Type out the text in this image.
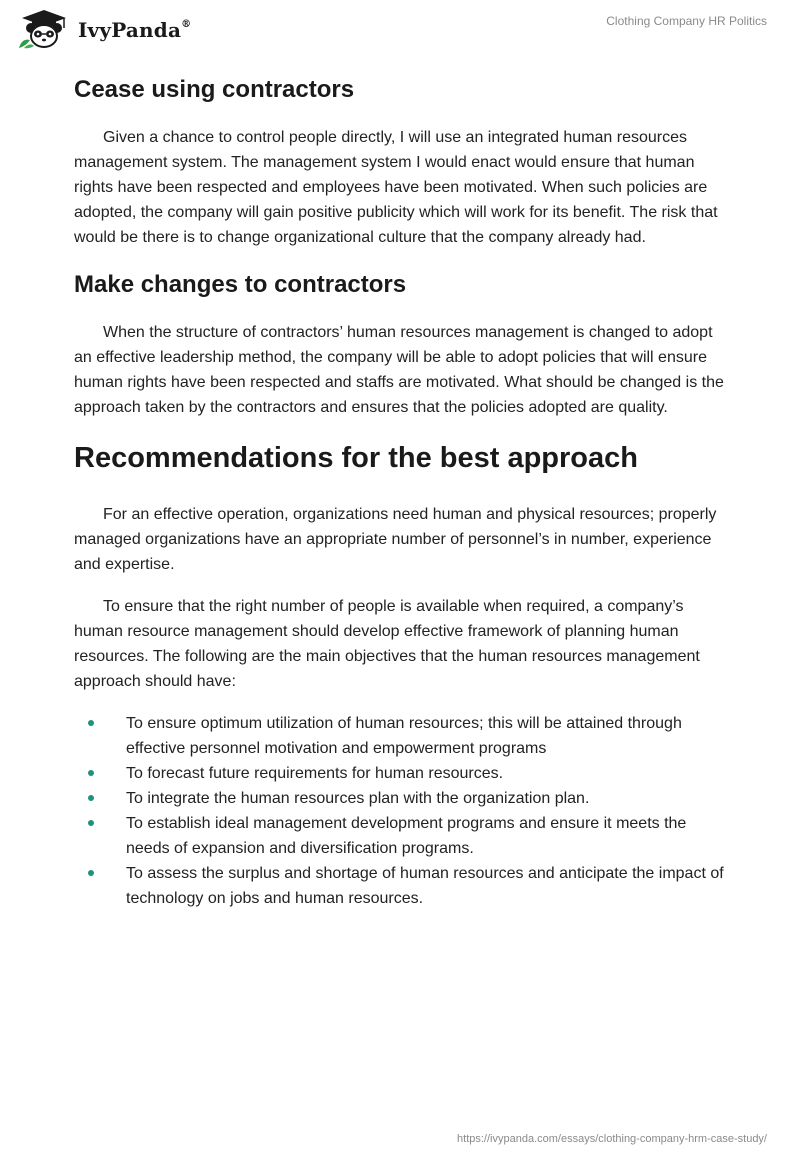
IvyPanda®	Clothing Company HR Politics
Cease using contractors

Given a chance to control people directly, I will use an integrated human resources management system. The management system I would enact would ensure that human rights have been respected and employees have been motivated. When such policies are adopted, the company will gain positive publicity which will work for its benefit. The risk that would be there is to change organizational culture that the company already had.

Make changes to contractors

When the structure of contractors’ human resources management is changed to adopt an effective leadership method, the company will be able to adopt policies that will ensure human rights have been respected and staffs are motivated. What should be changed is the approach taken by the contractors and ensures that the policies adopted are quality.

Recommendations for the best approach

For an effective operation, organizations need human and physical resources; properly managed organizations have an appropriate number of personnel’s in number, experience and expertise.

To ensure that the right number of people is available when required, a company’s human resource management should develop effective framework of planning human resources. The following are the main objectives that the human resources management approach should have:

To ensure optimum utilization of human resources; this will be attained through effective personnel motivation and empowerment programs
To forecast future requirements for human resources.
To integrate the human resources plan with the organization plan.
To establish ideal management development programs and ensure it meets the needs of expansion and diversification programs.
To assess the surplus and shortage of human resources and anticipate the impact of technology on jobs and human resources.
https://ivypanda.com/essays/clothing-company-hrm-case-study/
